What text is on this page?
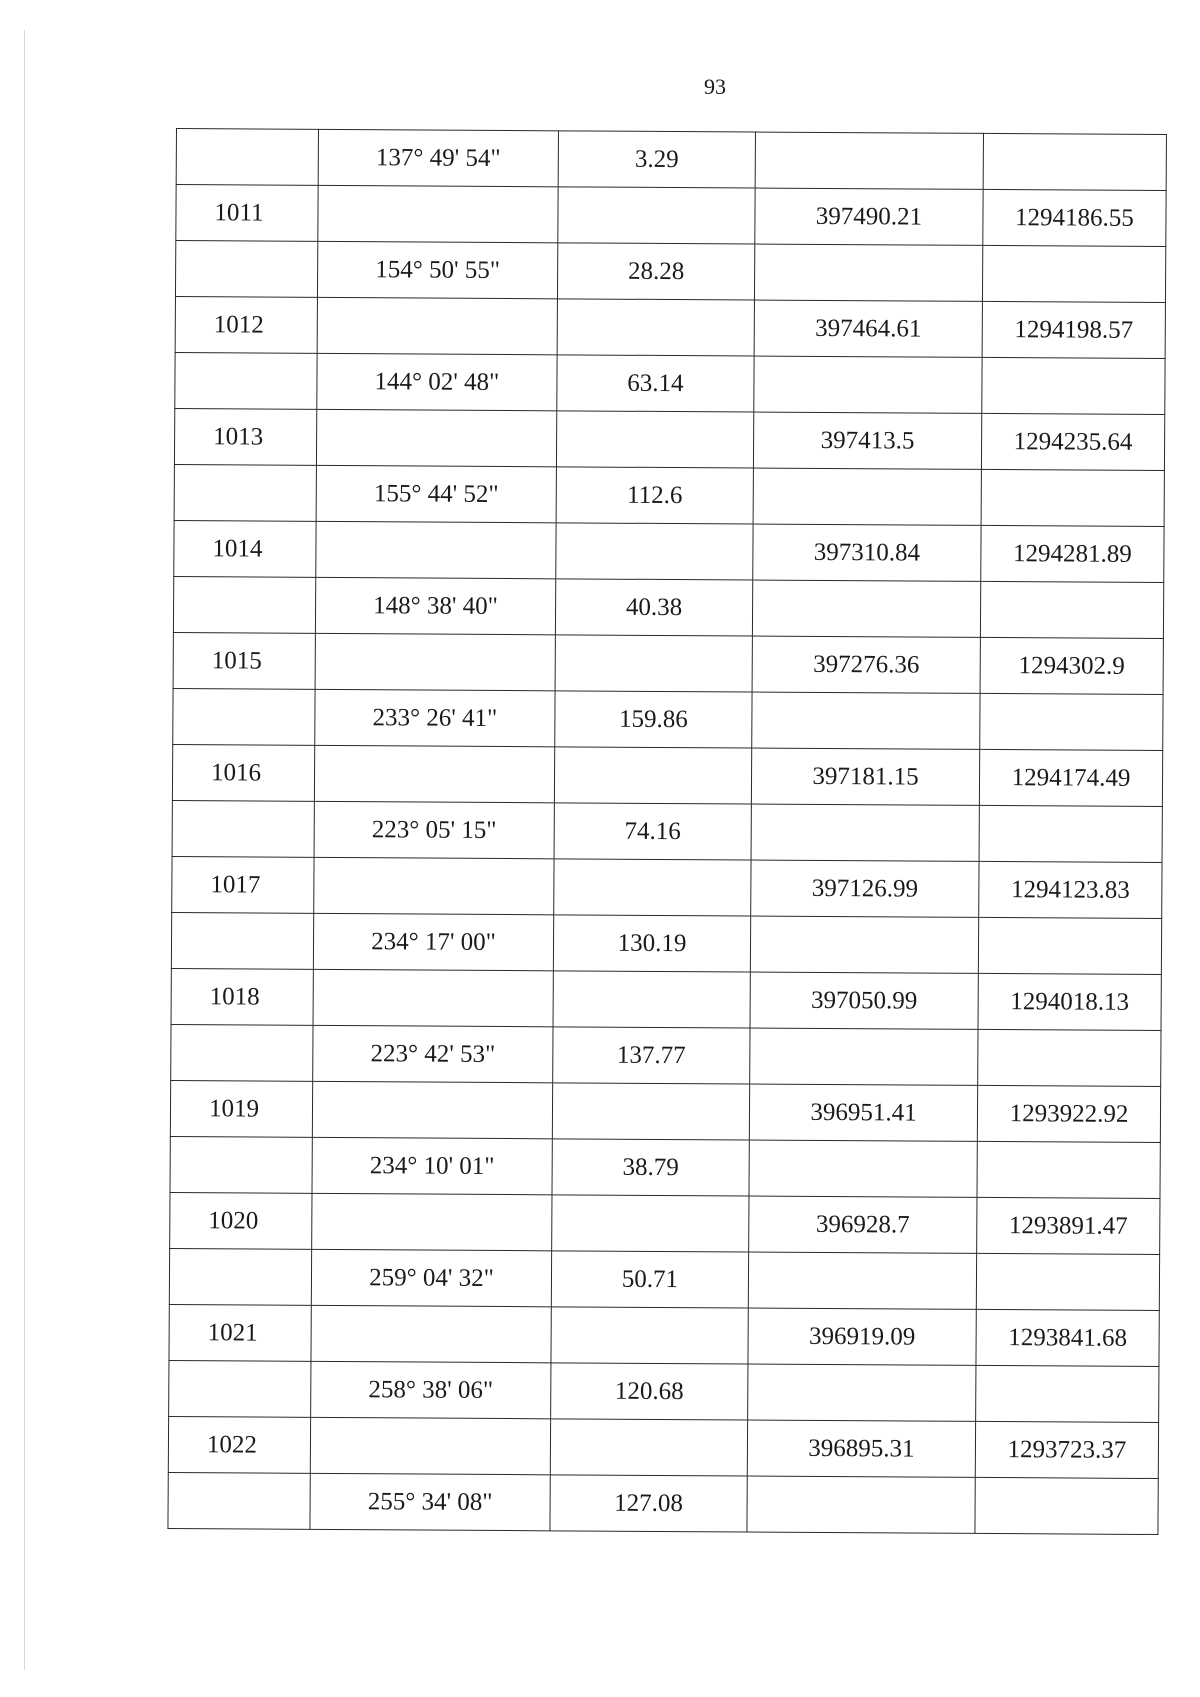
93
	137° 49' 54"	3.29		
1011			397490.21	1294186.55
	154° 50' 55"	28.28		
1012			397464.61	1294198.57
	144° 02' 48"	63.14		
1013			397413.5	1294235.64
	155° 44' 52"	112.6		
1014			397310.84	1294281.89
	148° 38' 40"	40.38		
1015			397276.36	1294302.9
	233° 26' 41"	159.86		
1016			397181.15	1294174.49
	223° 05' 15"	74.16		
1017			397126.99	1294123.83
	234° 17' 00"	130.19		
1018			397050.99	1294018.13
	223° 42' 53"	137.77		
1019			396951.41	1293922.92
	234° 10' 01"	38.79		
1020			396928.7	1293891.47
	259° 04' 32"	50.71		
1021			396919.09	1293841.68
	258° 38' 06"	120.68		
1022			396895.31	1293723.37
	255° 34' 08"	127.08		
